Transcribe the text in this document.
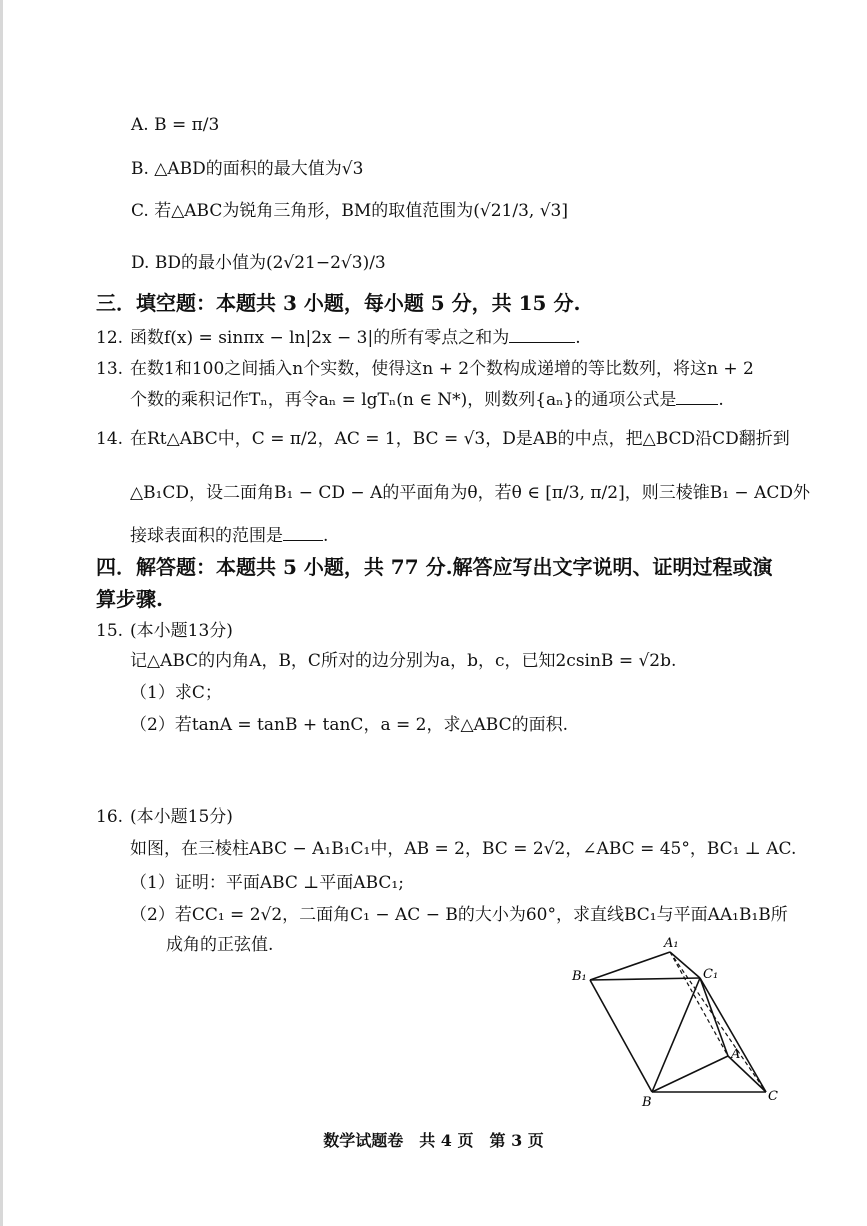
A. B = π/3
B. △ABD的面积的最大值为√3
C. 若△ABC为锐角三角形，BM的取值范围为(√21/3, √3]
D. BD的最小值为(2√21−2√3)/3
三．填空题：本题共 3 小题，每小题 5 分，共 15 分.
12. 函数f(x) = sinπx − ln|2x − 3|的所有零点之和为	.
13. 在数1和100之间插入n个实数，使得这n + 2个数构成递增的等比数列，将这n + 2
个数的乘积记作Tₙ，再令aₙ = lgTₙ(n ∈ N*)，则数列{aₙ}的通项公式是 .
14. 在Rt△ABC中，C = π/2，AC = 1，BC = √3，D是AB的中点，把△BCD沿CD翻折到
△B₁CD，设二面角B₁ − CD − A的平面角为θ，若θ ∈ [π/3, π/2]，则三棱锥B₁ − ACD外
接球表面积的范围是 .
四．解答题：本题共 5 小题，共 77 分.解答应写出文字说明、证明过程或演
算步骤.
15. (本小题13分)
记△ABC的内角A，B，C所对的边分别为a，b，c，已知2csinB = √2b.
（1）求C；
（2）若tanA = tanB + tanC，a = 2，求△ABC的面积.
16. (本小题15分)
如图，在三棱柱ABC − A₁B₁C₁中，AB = 2，BC = 2√2，∠ABC = 45°，BC₁ ⊥ AC.
（1）证明：平面ABC ⊥平面ABC₁;
（2）若CC₁ = 2√2，二面角C₁ − AC − B的大小为60°，求直线BC₁与平面AA₁B₁B所
成角的正弦值.	A₁
B₁	C₁
A
B	C
数学试题卷　共 4 页　第 3 页
